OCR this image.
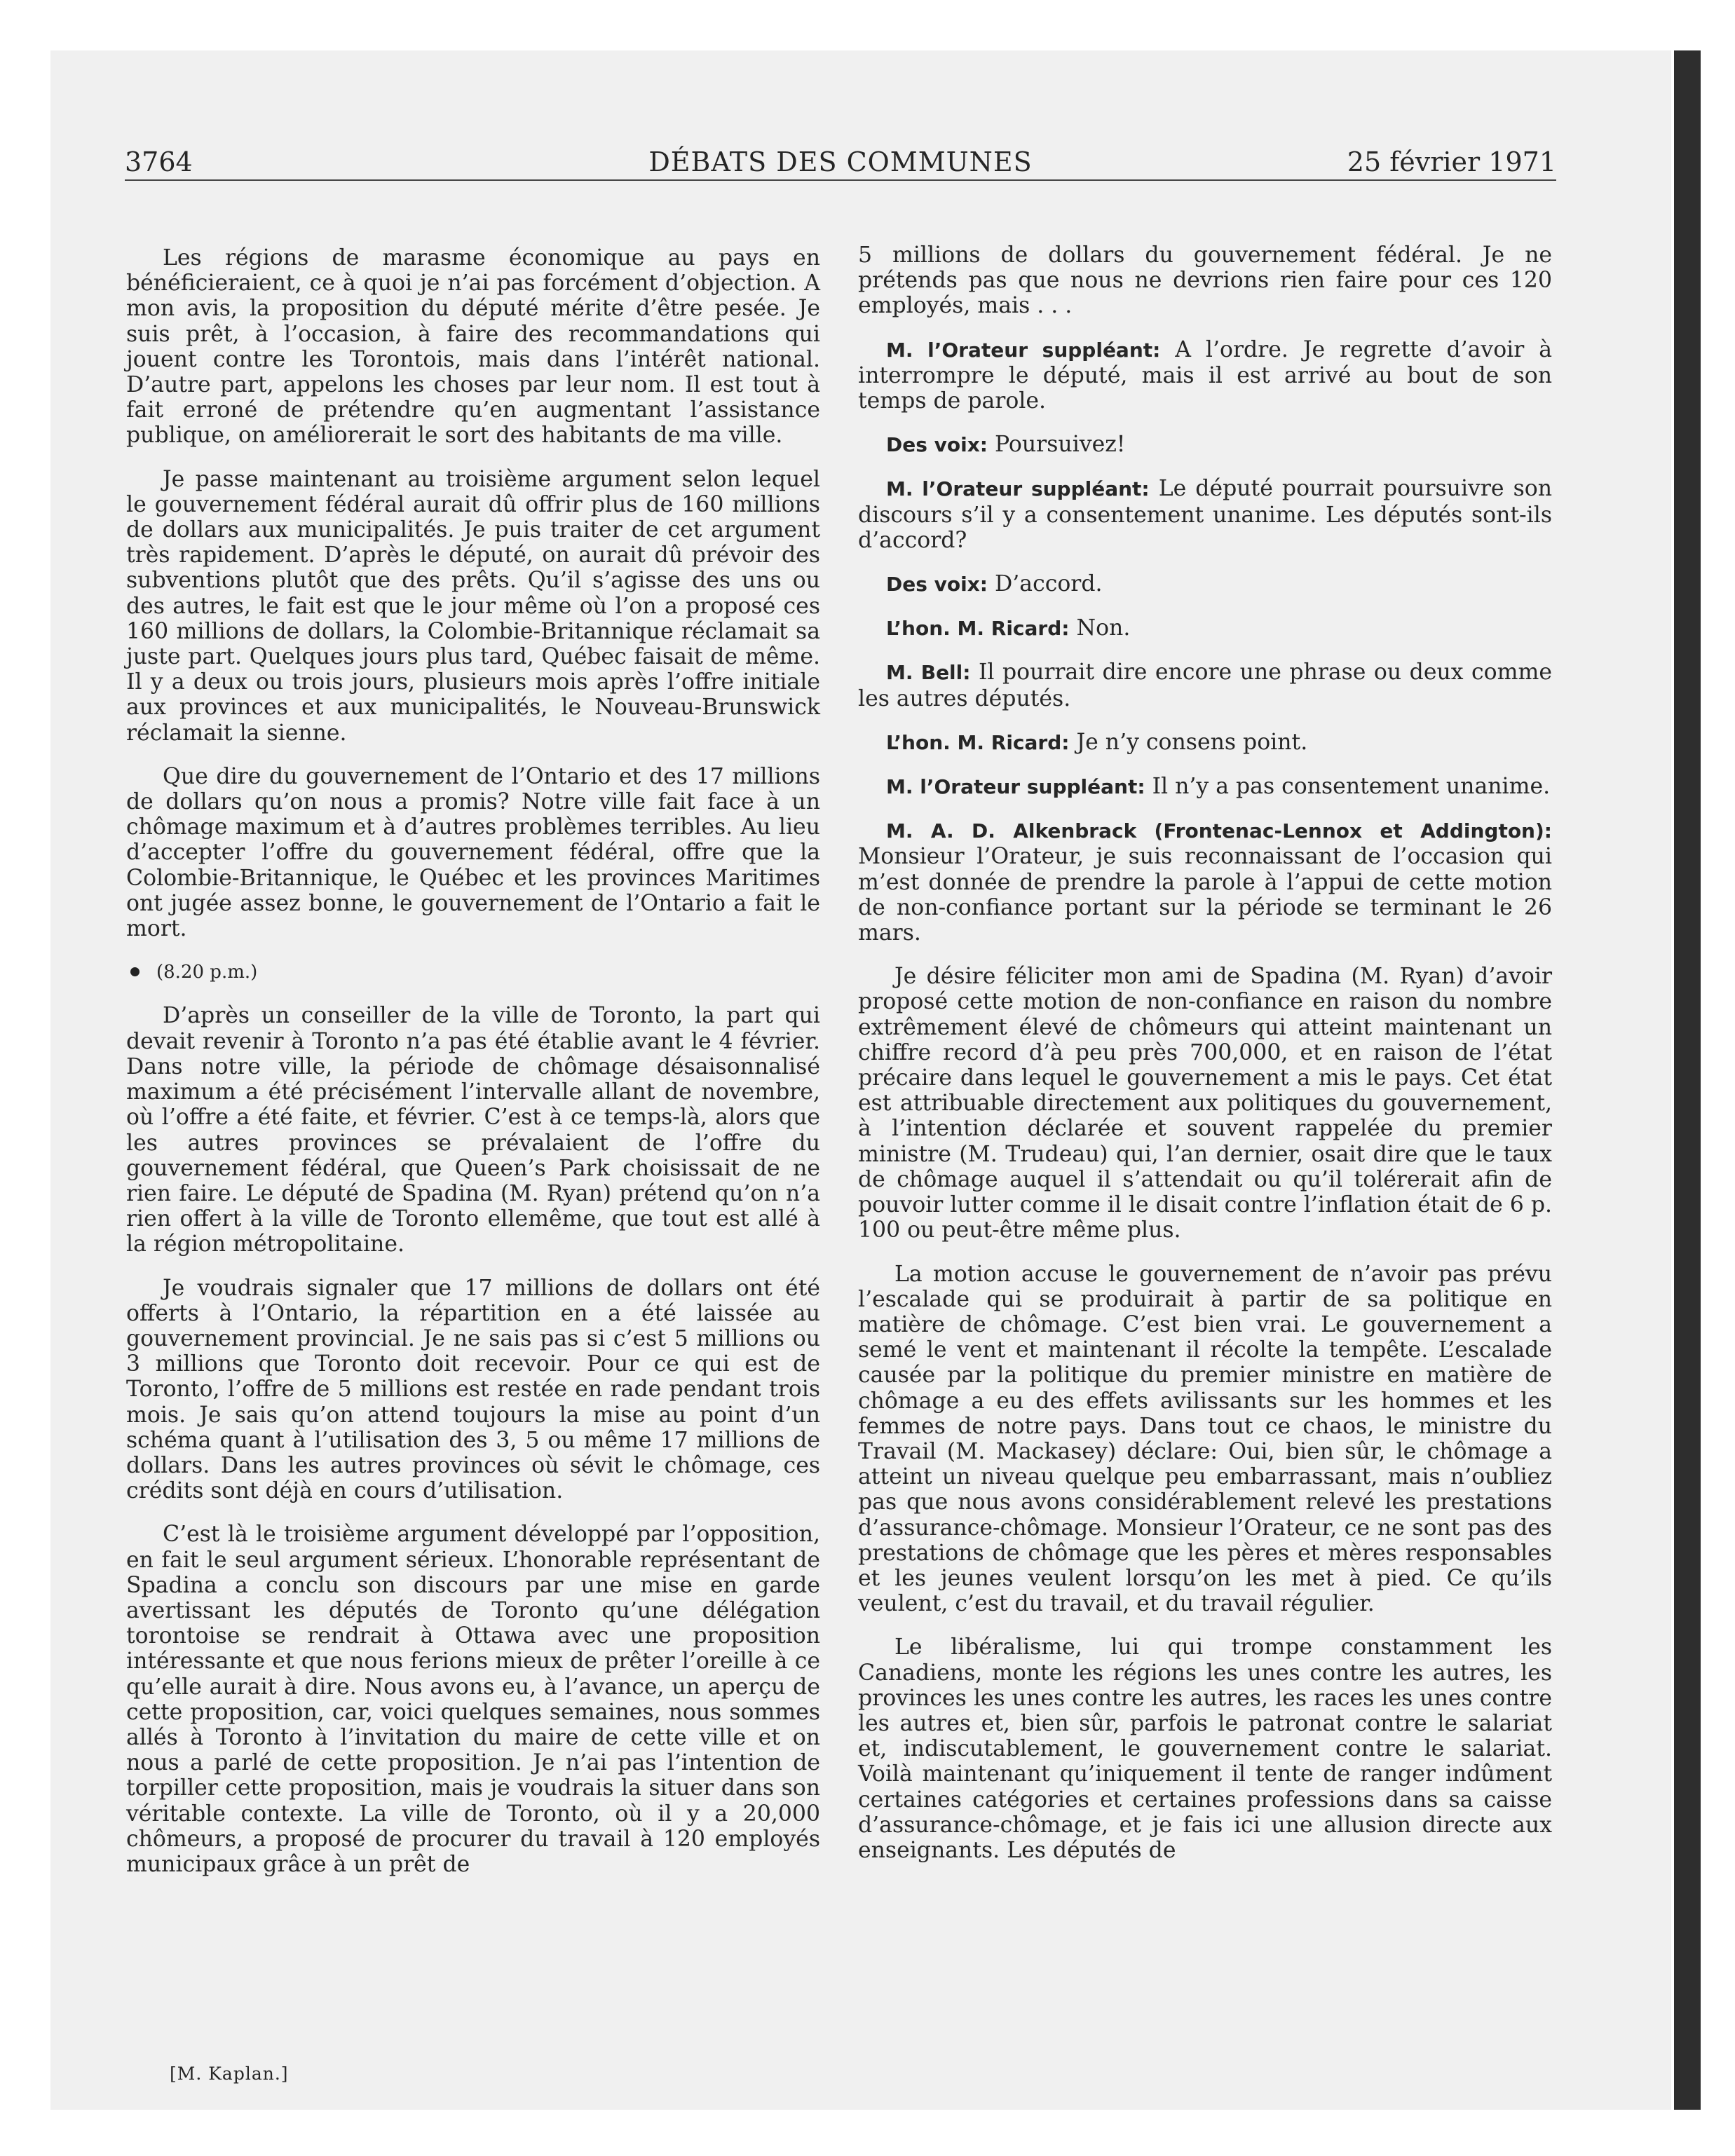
3764	DÉBATS DES COMMUNES	25 février 1971

Les régions de marasme économique au pays en bénéficieraient, ce à quoi je n’ai pas forcément d’objection. A mon avis, la proposition du député mérite d’être pesée. Je suis prêt, à l’occasion, à faire des recommandations qui jouent contre les Torontois, mais dans l’intérêt national. D’autre part, appelons les choses par leur nom. Il est tout à fait erroné de prétendre qu’en augmentant l’assistance publique, on améliorerait le sort des habitants de ma ville.

Je passe maintenant au troisième argument selon lequel le gouvernement fédéral aurait dû offrir plus de 160 millions de dollars aux municipalités. Je puis traiter de cet argument très rapidement. D’après le député, on aurait dû prévoir des subventions plutôt que des prêts. Qu’il s’agisse des uns ou des autres, le fait est que le jour même où l’on a proposé ces 160 millions de dollars, la Colombie-Britannique réclamait sa juste part. Quelques jours plus tard, Québec faisait de même. Il y a deux ou trois jours, plusieurs mois après l’offre initiale aux provinces et aux municipalités, le Nouveau-Brunswick réclamait la sienne.

Que dire du gouvernement de l’Ontario et des 17 millions de dollars qu’on nous a promis? Notre ville fait face à un chômage maximum et à d’autres problèmes terribles. Au lieu d’accepter l’offre du gouvernement fédéral, offre que la Colombie-Britannique, le Québec et les provinces Maritimes ont jugée assez bonne, le gouvernement de l’Ontario a fait le mort.

(8.20 p.m.)

D’après un conseiller de la ville de Toronto, la part qui devait revenir à Toronto n’a pas été établie avant le 4 février. Dans notre ville, la période de chômage désaisonnalisé maximum a été précisément l’intervalle allant de novembre, où l’offre a été faite, et février. C’est à ce temps-là, alors que les autres provinces se prévalaient de l’offre du gouvernement fédéral, que Queen’s Park choisissait de ne rien faire. Le député de Spadina (M. Ryan) prétend qu’on n’a rien offert à la ville de Toronto ellemême, que tout est allé à la région métropolitaine.

Je voudrais signaler que 17 millions de dollars ont été offerts à l’Ontario, la répartition en a été laissée au gouvernement provincial. Je ne sais pas si c’est 5 millions ou 3 millions que Toronto doit recevoir. Pour ce qui est de Toronto, l’offre de 5 millions est restée en rade pendant trois mois. Je sais qu’on attend toujours la mise au point d’un schéma quant à l’utilisation des 3, 5 ou même 17 millions de dollars. Dans les autres provinces où sévit le chômage, ces crédits sont déjà en cours d’utilisation.

C’est là le troisième argument développé par l’opposition, en fait le seul argument sérieux. L’honorable représentant de Spadina a conclu son discours par une mise en garde avertissant les députés de Toronto qu’une délégation torontoise se rendrait à Ottawa avec une proposition intéressante et que nous ferions mieux de prêter l’oreille à ce qu’elle aurait à dire. Nous avons eu, à l’avance, un aperçu de cette proposition, car, voici quelques semaines, nous sommes allés à Toronto à l’invitation du maire de cette ville et on nous a parlé de cette proposition. Je n’ai pas l’intention de torpiller cette proposition, mais je voudrais la situer dans son véritable contexte. La ville de Toronto, où il y a 20,000 chômeurs, a proposé de procurer du travail à 120 employés municipaux grâce à un prêt de

5 millions de dollars du gouvernement fédéral. Je ne prétends pas que nous ne devrions rien faire pour ces 120 employés, mais . . .

M. l’Orateur suppléant: A l’ordre. Je regrette d’avoir à interrompre le député, mais il est arrivé au bout de son temps de parole.

Des voix: Poursuivez!

M. l’Orateur suppléant: Le député pourrait poursuivre son discours s’il y a consentement unanime. Les députés sont-ils d’accord?

Des voix: D’accord.

L’hon. M. Ricard: Non.

M. Bell: Il pourrait dire encore une phrase ou deux comme les autres députés.

L’hon. M. Ricard: Je n’y consens point.

M. l’Orateur suppléant: Il n’y a pas consentement unanime.

M. A. D. Alkenbrack (Frontenac-Lennox et Addington): Monsieur l’Orateur, je suis reconnaissant de l’occasion qui m’est donnée de prendre la parole à l’appui de cette motion de non-confiance portant sur la période se terminant le 26 mars.

Je désire féliciter mon ami de Spadina (M. Ryan) d’avoir proposé cette motion de non-confiance en raison du nombre extrêmement élevé de chômeurs qui atteint maintenant un chiffre record d’à peu près 700,000, et en raison de l’état précaire dans lequel le gouvernement a mis le pays. Cet état est attribuable directement aux politiques du gouvernement, à l’intention déclarée et souvent rappelée du premier ministre (M. Trudeau) qui, l’an dernier, osait dire que le taux de chômage auquel il s’attendait ou qu’il tolérerait afin de pouvoir lutter comme il le disait contre l’inflation était de 6 p. 100 ou peut-être même plus.

La motion accuse le gouvernement de n’avoir pas prévu l’escalade qui se produirait à partir de sa politique en matière de chômage. C’est bien vrai. Le gouvernement a semé le vent et maintenant il récolte la tempête. L’escalade causée par la politique du premier ministre en matière de chômage a eu des effets avilissants sur les hommes et les femmes de notre pays. Dans tout ce chaos, le ministre du Travail (M. Mackasey) déclare: Oui, bien sûr, le chômage a atteint un niveau quelque peu embarrassant, mais n’oubliez pas que nous avons considérablement relevé les prestations d’assurance-chômage. Monsieur l’Orateur, ce ne sont pas des prestations de chômage que les pères et mères responsables et les jeunes veulent lorsqu’on les met à pied. Ce qu’ils veulent, c’est du travail, et du travail régulier.

Le libéralisme, lui qui trompe constamment les Canadiens, monte les régions les unes contre les autres, les provinces les unes contre les autres, les races les unes contre les autres et, bien sûr, parfois le patronat contre le salariat et, indiscutablement, le gouvernement contre le salariat. Voilà maintenant qu’iniquement il tente de ranger indûment certaines catégories et certaines professions dans sa caisse d’assurance-chômage, et je fais ici une allusion directe aux enseignants. Les députés de

[M. Kaplan.]
